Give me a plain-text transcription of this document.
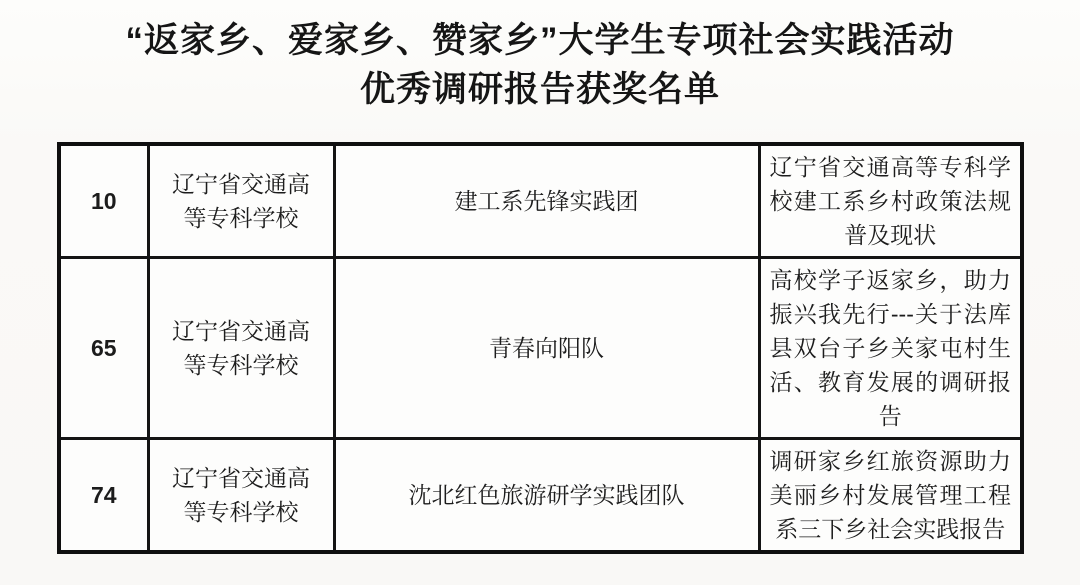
“返家乡、爱家乡、赞家乡”大学生专项社会实践活动
优秀调研报告获奖名单
10	辽宁省交通高等专科学校	建工系先锋实践团	辽宁省交通高等专科学校建工系乡村政策法规普及现状
65	辽宁省交通高等专科学校	青春向阳队	高校学子返家乡，助力振兴我先行---关于法库县双台子乡关家屯村生活、教育发展的调研报告
74	辽宁省交通高等专科学校	沈北红色旅游研学实践团队	调研家乡红旅资源助力美丽乡村发展管理工程系三下乡社会实践报告
